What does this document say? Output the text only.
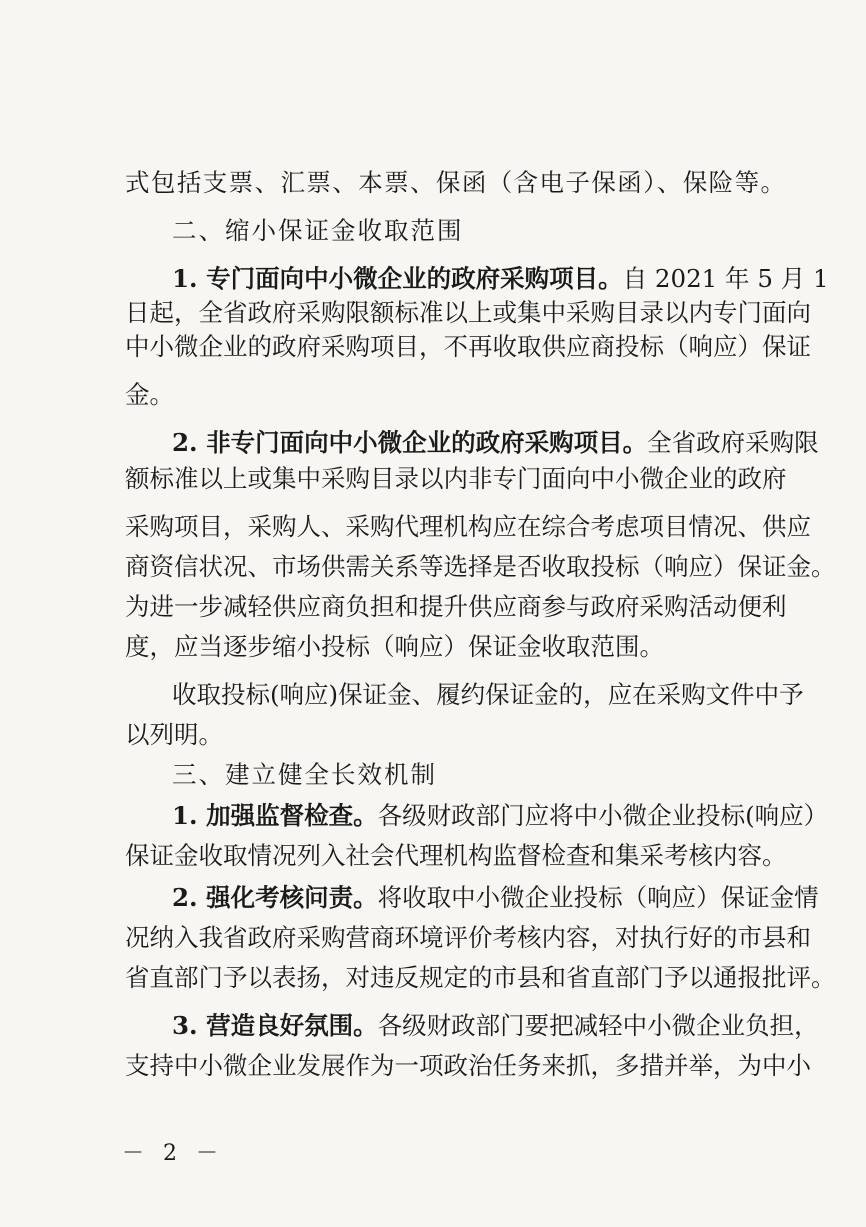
式包括支票、汇票、本票、保函（含电子保函）、保险等。
二、缩小保证金收取范围
1. 专门面向中小微企业的政府采购项目。自 2021 年 5 月 1
日起，全省政府采购限额标准以上或集中采购目录以内专门面向
中小微企业的政府采购项目，不再收取供应商投标（响应）保证
金。
2. 非专门面向中小微企业的政府采购项目。全省政府采购限
额标准以上或集中采购目录以内非专门面向中小微企业的政府
采购项目，采购人、采购代理机构应在综合考虑项目情况、供应
商资信状况、市场供需关系等选择是否收取投标（响应）保证金。
为进一步减轻供应商负担和提升供应商参与政府采购活动便利
度，应当逐步缩小投标（响应）保证金收取范围。
收取投标(响应)保证金、履约保证金的，应在采购文件中予
以列明。
三、建立健全长效机制
1. 加强监督检查。各级财政部门应将中小微企业投标(响应）
保证金收取情况列入社会代理机构监督检查和集采考核内容。
2. 强化考核问责。将收取中小微企业投标（响应）保证金情
况纳入我省政府采购营商环境评价考核内容，对执行好的市县和
省直部门予以表扬，对违反规定的市县和省直部门予以通报批评。
3. 营造良好氛围。各级财政部门要把减轻中小微企业负担，
支持中小微企业发展作为一项政治任务来抓，多措并举，为中小
－ 2 －
